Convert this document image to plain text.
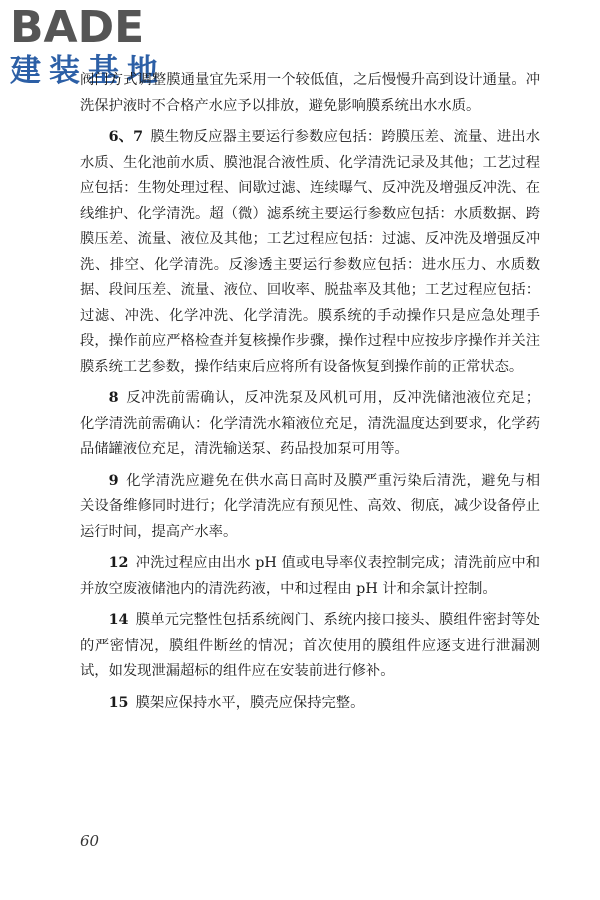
BADE
建装基地

阀门方式调整膜通量宜先采用一个较低值，之后慢慢升高到设计通量。冲洗保护液时不合格产水应予以排放，避免影响膜系统出水水质。

6、7 膜生物反应器主要运行参数应包括：跨膜压差、流量、进出水水质、生化池前水质、膜池混合液性质、化学清洗记录及其他；工艺过程应包括：生物处理过程、间歇过滤、连续曝气、反冲洗及增强反冲洗、在线维护、化学清洗。超（微）滤系统主要运行参数应包括：水质数据、跨膜压差、流量、液位及其他；工艺过程应包括：过滤、反冲洗及增强反冲洗、排空、化学清洗。反渗透主要运行参数应包括：进水压力、水质数据、段间压差、流量、液位、回收率、脱盐率及其他；工艺过程应包括：过滤、冲洗、化学冲洗、化学清洗。膜系统的手动操作只是应急处理手段，操作前应严格检查并复核操作步骤，操作过程中应按步序操作并关注膜系统工艺参数，操作结束后应将所有设备恢复到操作前的正常状态。

8 反冲洗前需确认，反冲洗泵及风机可用，反冲洗储池液位充足；化学清洗前需确认：化学清洗水箱液位充足，清洗温度达到要求，化学药品储罐液位充足，清洗输送泵、药品投加泵可用等。

9 化学清洗应避免在供水高日高时及膜严重污染后清洗，避免与相关设备维修同时进行；化学清洗应有预见性、高效、彻底，减少设备停止运行时间，提高产水率。

12 冲洗过程应由出水 pH 值或电导率仪表控制完成；清洗前应中和并放空废液储池内的清洗药液，中和过程由 pH 计和余氯计控制。

14 膜单元完整性包括系统阀门、系统内接口接头、膜组件密封等处的严密情况，膜组件断丝的情况；首次使用的膜组件应逐支进行泄漏测试，如发现泄漏超标的组件应在安装前进行修补。

15 膜架应保持水平，膜壳应保持完整。

60
